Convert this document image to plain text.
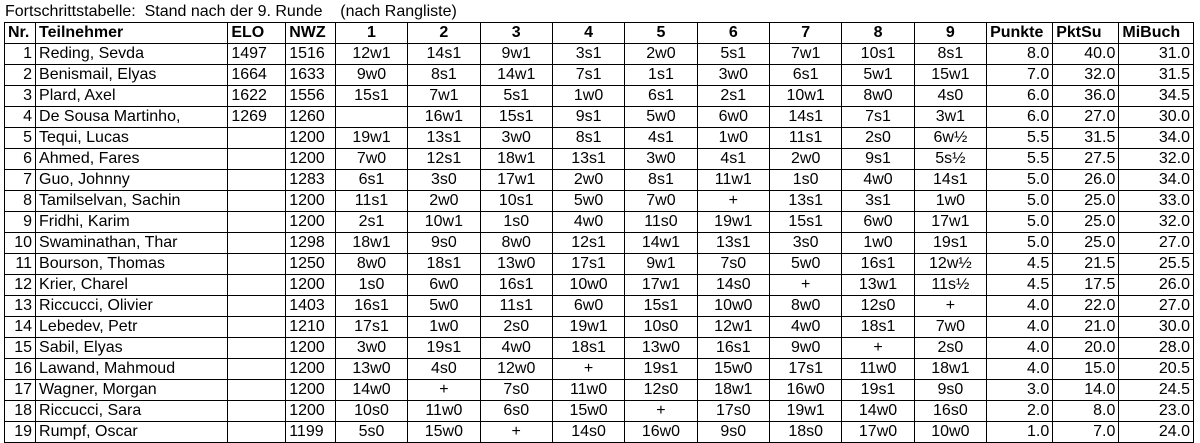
Fortschrittstabelle:  Stand nach der 9. Runde    (nach Rangliste)
Nr.	Teilnehmer	ELO	NWZ	1	2	3	4	5	6	7	8	9	Punkte	PktSu	MiBuch
1	Reding, Sevda	1497	1516	12w1	14s1	9w1	3s1	2w0	5s1	7w1	10s1	8s1	8.0	40.0	31.0
2	Benismail, Elyas	1664	1633	9w0	8s1	14w1	7s1	1s1	3w0	6s1	5w1	15w1	7.0	32.0	31.5
3	Plard, Axel	1622	1556	15s1	7w1	5s1	1w0	6s1	2s1	10w1	8w0	4s0	6.0	36.0	34.5
4	De Sousa Martinho,	1269	1260		16w1	15s1	9s1	5w0	6w0	14s1	7s1	3w1	6.0	27.0	30.0
5	Tequi, Lucas		1200	19w1	13s1	3w0	8s1	4s1	1w0	11s1	2s0	6w½	5.5	31.5	34.0
6	Ahmed, Fares		1200	7w0	12s1	18w1	13s1	3w0	4s1	2w0	9s1	5s½	5.5	27.5	32.0
7	Guo, Johnny		1283	6s1	3s0	17w1	2w0	8s1	11w1	1s0	4w0	14s1	5.0	26.0	34.0
8	Tamilselvan, Sachin		1200	11s1	2w0	10s1	5w0	7w0	+	13s1	3s1	1w0	5.0	25.0	33.0
9	Fridhi, Karim		1200	2s1	10w1	1s0	4w0	11s0	19w1	15s1	6w0	17w1	5.0	25.0	32.0
10	Swaminathan, Thar		1298	18w1	9s0	8w0	12s1	14w1	13s1	3s0	1w0	19s1	5.0	25.0	27.0
11	Bourson, Thomas		1250	8w0	18s1	13w0	17s1	9w1	7s0	5w0	16s1	12w½	4.5	21.5	25.5
12	Krier, Charel		1200	1s0	6w0	16s1	10w0	17w1	14s0	+	13w1	11s½	4.5	17.5	26.0
13	Riccucci, Olivier		1403	16s1	5w0	11s1	6w0	15s1	10w0	8w0	12s0	+	4.0	22.0	27.0
14	Lebedev, Petr		1210	17s1	1w0	2s0	19w1	10s0	12w1	4w0	18s1	7w0	4.0	21.0	30.0
15	Sabil, Elyas		1200	3w0	19s1	4w0	18s1	13w0	16s1	9w0	+	2s0	4.0	20.0	28.0
16	Lawand, Mahmoud		1200	13w0	4s0	12w0	+	19s1	15w0	17s1	11w0	18w1	4.0	15.0	20.5
17	Wagner, Morgan		1200	14w0	+	7s0	11w0	12s0	18w1	16w0	19s1	9s0	3.0	14.0	24.5
18	Riccucci, Sara		1200	10s0	11w0	6s0	15w0	+	17s0	19w1	14w0	16s0	2.0	8.0	23.0
19	Rumpf, Oscar		1199	5s0	15w0	+	14s0	16w0	9s0	18s0	17w0	10w0	1.0	7.0	24.0
